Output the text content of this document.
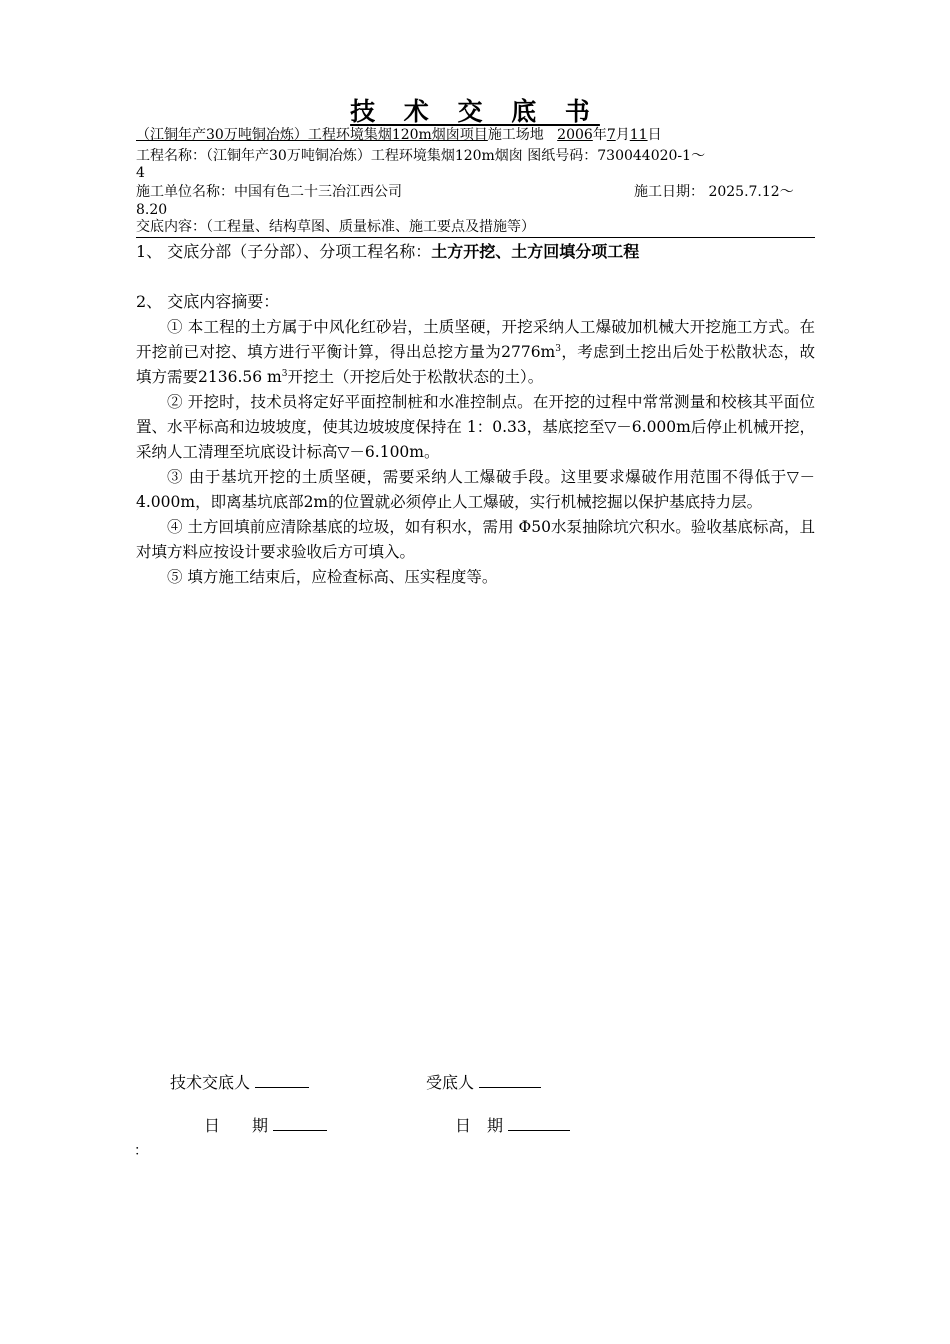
技 术 交 底 书
（江铜年产30万吨铜冶炼）工程环境集烟120m烟囱项目施工场地 2006年7月11日
工程名称：（江铜年产30万吨铜冶炼）工程环境集烟120m烟囱 图纸号码：730044020-1～
4
施工单位名称：中国有色二十三冶江西公司	施工日期： 2025.7.12～
8.20
交底内容：（工程量、结构草图、质量标准、施工要点及措施等）
1、 交底分部（子分部）、分项工程名称：土方开挖、土方回填分项工程
2、 交底内容摘要：

① 本工程的土方属于中风化红砂岩，土质坚硬，开挖采纳人工爆破加机械大开挖施工方式。在开挖前已对挖、填方进行平衡计算，得出总挖方量为$2776m^3$，考虑到土挖出后处于松散状态，故填方需要2136.56 $m^3$开挖土（开挖后处于松散状态的土）。

② 开挖时，技术员将定好平面控制桩和水准控制点。在开挖的过程中常常测量和校核其平面位置、水平标高和边坡坡度，使其边坡坡度保持在 1：0.33，基底挖至▽－6.000m后停止机械开挖，采纳人工清理至坑底设计标高▽－6.100m。

③ 由于基坑开挖的土质坚硬，需要采纳人工爆破手段。这里要求爆破作用范围不得低于▽－4.000m，即离基坑底部2m的位置就必须停止人工爆破，实行机械挖掘以保护基底持力层。

④ 土方回填前应清除基底的垃圾，如有积水，需用 Φ50水泵抽除坑穴积水。验收基底标高，且对填方料应按设计要求验收后方可填入。

⑤ 填方施工结束后，应检查标高、压实程度等。

技术交底人	受底人
日　　期	日　期
：
